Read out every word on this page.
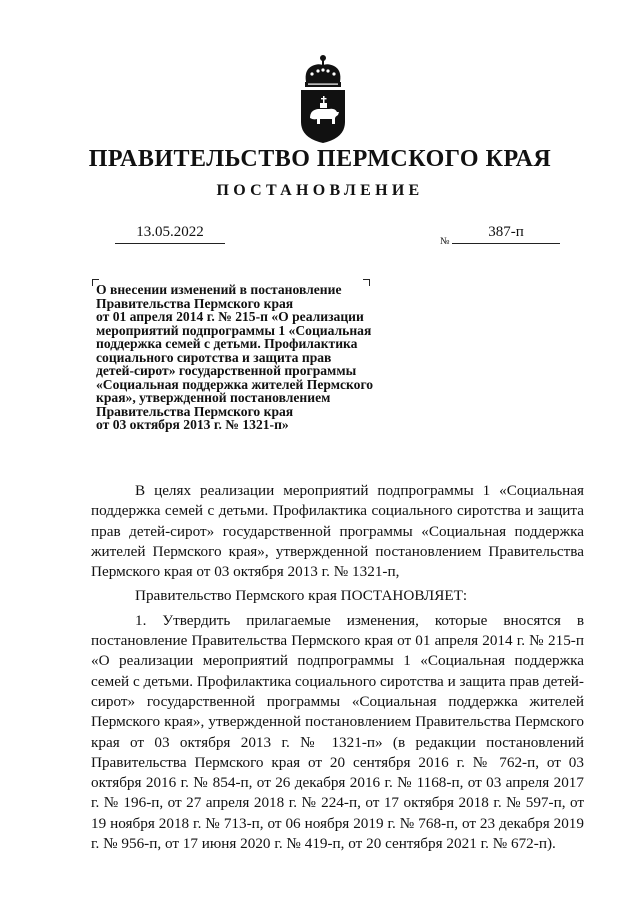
ПРАВИТЕЛЬСТВО ПЕРМСКОГО КРАЯ
ПОСТАНОВЛЕНИЕ
13.05.2022
№
387-п
О внесении изменений в постановление
Правительства Пермского края
от 01 апреля 2014 г. № 215-п «О реализации
мероприятий подпрограммы 1 «Социальная
поддержка семей с детьми. Профилактика
социального сиротства и защита прав
детей-сирот» государственной программы
«Социальная поддержка жителей Пермского
края», утвержденной постановлением
Правительства Пермского края
от 03 октября 2013 г. № 1321-п»

В целях реализации мероприятий подпрограммы 1 «Социальная поддержка семей с детьми. Профилактика социального сиротства и защита прав детей-сирот» государственной программы «Социальная поддержка жителей Пермского края», утвержденной постановлением Правительства Пермского края от 03 октября 2013 г. № 1321-п,

Правительство Пермского края ПОСТАНОВЛЯЕТ:

1. Утвердить прилагаемые изменения, которые вносятся в постановление Правительства Пермского края от 01 апреля 2014 г. № 215-п «О реализации мероприятий подпрограммы 1 «Социальная поддержка семей с детьми. Профилактика социального сиротства и защита прав детей-сирот» государственной программы «Социальная поддержка жителей Пермского края», утвержденной постановлением Правительства Пермского края от 03 октября 2013 г. № 1321-п» (в редакции постановлений Правительства Пермского края от 20 сентября 2016 г. № 762-п, от 03 октября 2016 г. № 854-п, от 26 декабря 2016 г. № 1168-п, от 03 апреля 2017 г. № 196-п, от 27 апреля 2018 г. № 224-п, от 17 октября 2018 г. № 597-п, от 19 ноября 2018 г. № 713-п, от 06 ноября 2019 г. № 768-п, от 23 декабря 2019 г. № 956-п, от 17 июня 2020 г. № 419-п, от 20 сентября 2021 г. № 672-п).
